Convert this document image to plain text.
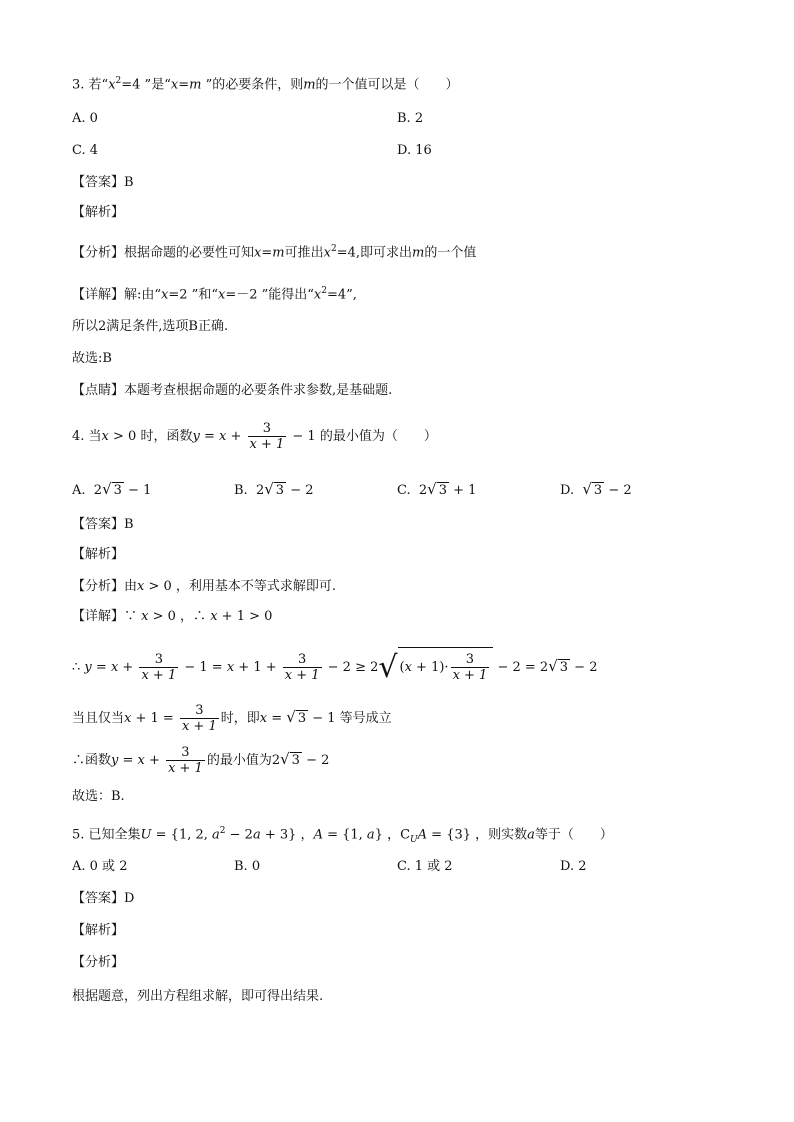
3. 若“$x^2=4$ ”是“x=m ”的必要条件，则m的一个值可以是（　　）
A. 0	B. 2
C. 4	D. 16
【答案】B
【解析】
【分析】根据命题的必要性可知x=m可推出$x^2=4$,即可求出m的一个值
【详解】解:由“x=2 ”和“x=－2 ”能得出“$x^2=4$”,
所以2满足条件,选项B正确.
故选:B
【点睛】本题考查根据命题的必要条件求参数,是基础题.
4. 当x > 0 时，函数$y = x + \frac{3}{x + 1} - 1$ 的最小值为（　　）
A. 2√ 3 − 1	B. 2√ 3 − 2	C. 2√ 3 + 1	D. √ 3 − 2
【答案】B
【解析】
【分析】由x > 0 ，利用基本不等式求解即可.
【详解】∵ x > 0 ，∴ x + 1 > 0
∴ $y = x + \frac{3}{x + 1} - 1 = x + 1 + \frac{3}{x + 1} - 2 \ge 2√$ $(x + 1)\cdot \frac{3}{x + 1} - 2 = 2√$ 3 − 2
当且仅当$x + 1 = \frac{3}{x + 1}$ 时，即x = √ 3 − 1 等号成立
∴函数$y = x + \frac{3}{x + 1}$ 的最小值为2√ 3 − 2
故选：B.
5. 已知全集U = {1, 2, $a^2 - 2a + 3$} ，A = {1, a} ，$C_UA = \{3\}$ ，则实数a等于（　　）
A. 0 或 2	B. 0	C. 1 或 2	D. 2
【答案】D
【解析】
【分析】
根据题意，列出方程组求解，即可得出结果.
